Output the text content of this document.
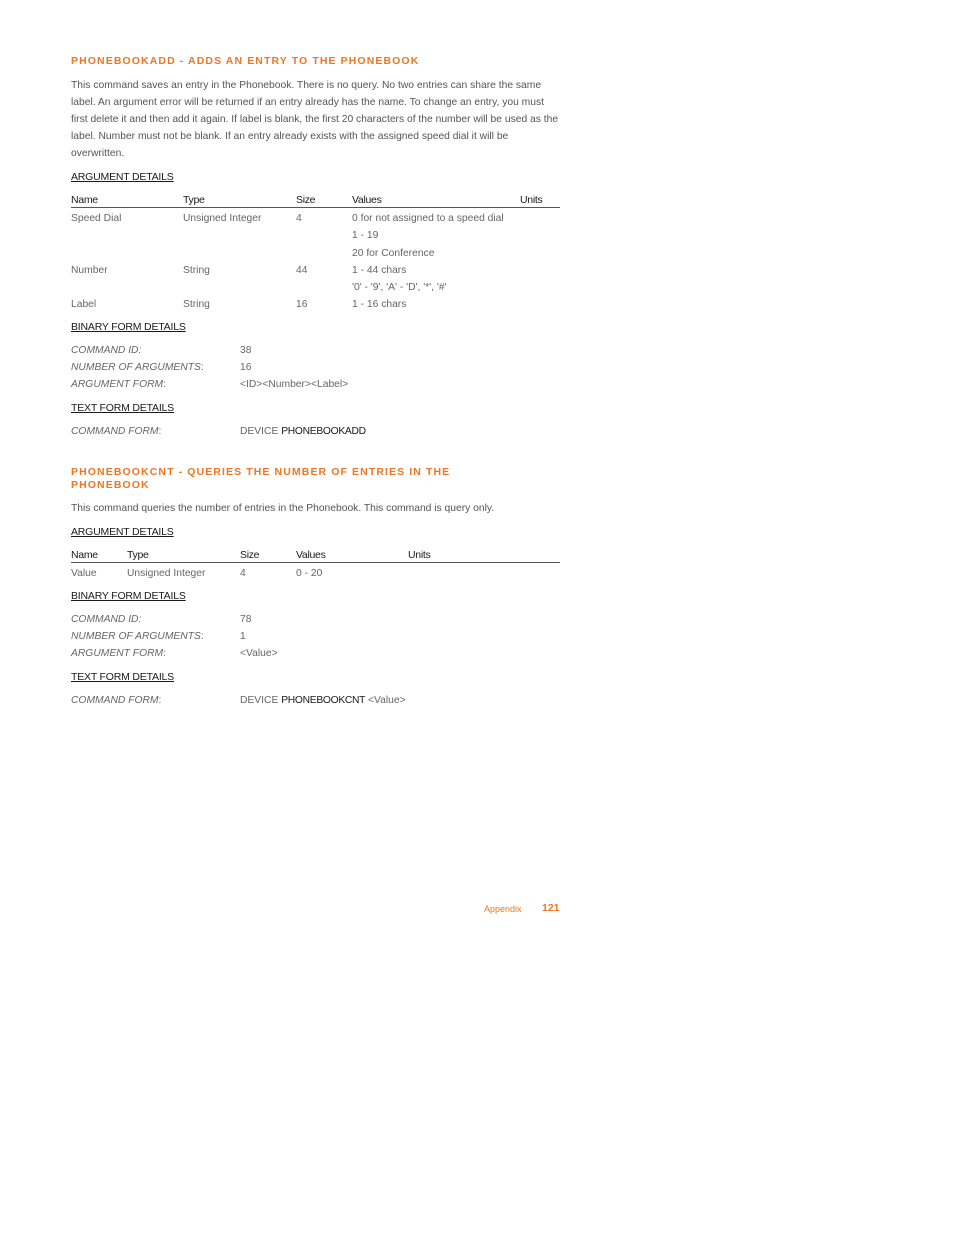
PHONEBOOKADD - ADDS AN ENTRY TO THE PHONEBOOK
This command saves an entry in the Phonebook. There is no query. No two entries can share the same label. An argument error will be returned if an entry already has the name. To change an entry, you must first delete it and then add it again. If label is blank, the first 20 characters of the number will be used as the label. Number must not be blank. If an entry already exists with the assigned speed dial it will be overwritten.
ARGUMENT DETAILS
Name	Type	Size	Values	Units
Speed Dial	Unsigned Integer	4	0 for not assigned to a speed dial
1 - 19
20 for Conference
Number	String	44	1 - 44 chars
'0' - '9', 'A' - 'D', '*', '#'
Label	String	16	1 - 16 chars
BINARY FORM DETAILS
COMMAND ID:	38
NUMBER OF ARGUMENTS:	16
ARGUMENT FORM:	<ID><Number><Label>
TEXT FORM DETAILS
COMMAND FORM:	DEVICE PHONEBOOKADD
PHONEBOOKCNT - QUERIES THE NUMBER OF ENTRIES IN THE
PHONEBOOK
This command queries the number of entries in the Phonebook. This command is query only.
ARGUMENT DETAILS
Name	Type	Size	Values	Units
Value	Unsigned Integer	4	0 - 20
BINARY FORM DETAILS
COMMAND ID:	78
NUMBER OF ARGUMENTS:	1
ARGUMENT FORM:	<Value>
TEXT FORM DETAILS
COMMAND FORM:	DEVICE PHONEBOOKCNT <Value>
Appendix 121
